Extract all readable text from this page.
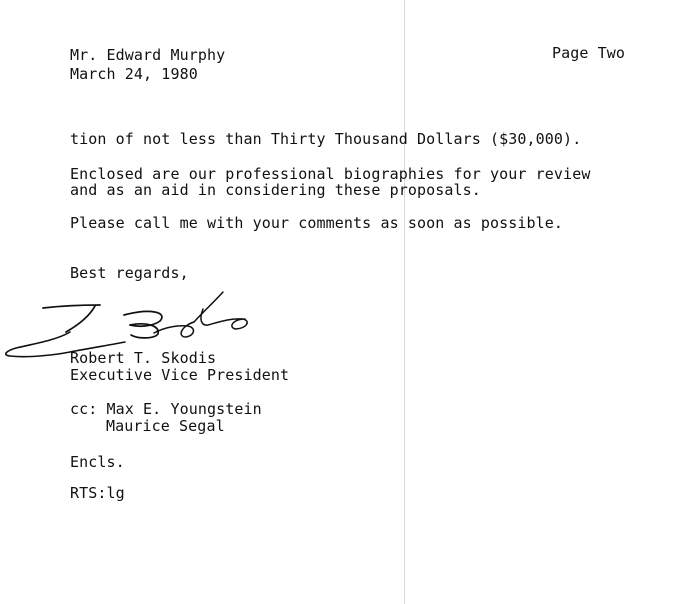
Mr. Edward Murphy
March 24, 1980
Page Two
tion of not less than Thirty Thousand Dollars ($30,000).
Enclosed are our professional biographies for your review
and as an aid in considering these proposals.
Please call me with your comments as soon as possible.
Best regards,
Robert T. Skodis
Executive Vice President
cc: Max E. Youngstein
Maurice Segal
Encls.
RTS:lg
